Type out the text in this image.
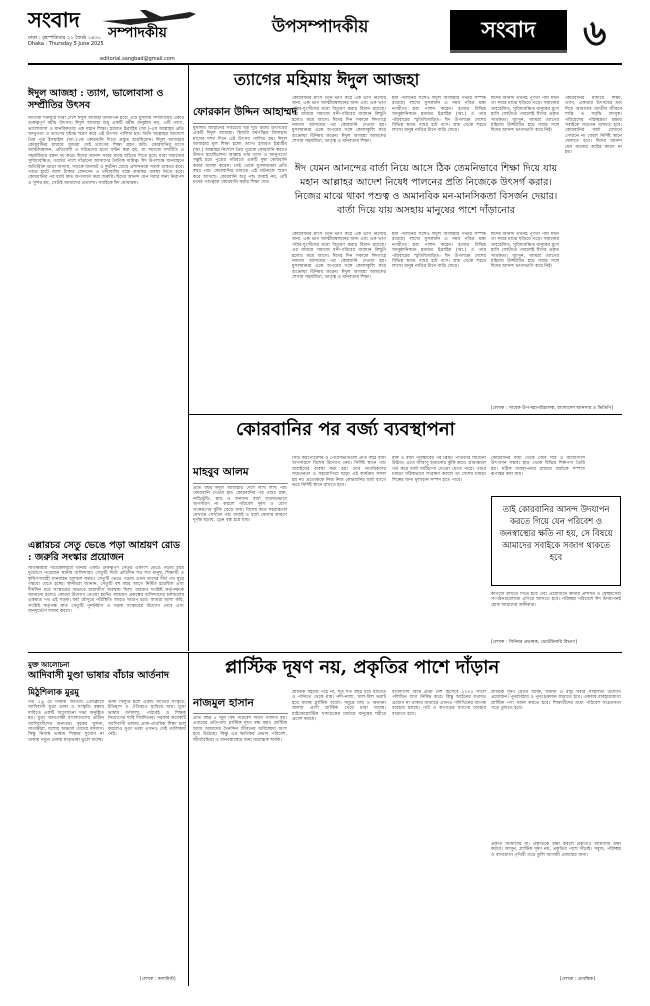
সংবাদ
সম্পাদকীয়
ঢাকা : বৃহস্পতিবার ২২ জ্যৈষ্ঠ ১৪৩০
Dhaka : Thursday 5 June 2025
editorial.sangbad@gmail.com
উপসম্পাদকীয়	সংবাদ	৬
ঈদুল আজহা : ত্যাগ, ভালোবাসা ও সম্প্রীতির উৎসব
আগামী শনিবার সারা দেশে ঈদুল আজহা উদযাপন হবে। এটি মুসলিম সম্প্রদায়ের একটি গুরুত্বপূর্ণ ধর্মীয় উৎসব। ঈদুল আজহা শুধু একটি ধর্মীয় অনুষ্ঠান নয়, এটি ত্যাগ, ভালোবাসা ও মানবিকতার এক মহান শিক্ষা। হজরত ইব্রাহিম (আ.)-এর আল্লাহর প্রতি আনুগত্য ও ত্যাগের দৃষ্টান্ত স্মরণ করে এই উৎসব পালিত হয়। তিনি আল্লাহর আদেশে প্রিয় পুত্র ইসমাইল (আ.)-কে কোরবানি দিতে প্রস্তুত হয়েছিলেন। ঈদুল আজহার কোরবানির মাধ্যমে আমরা সেই ত্যাগের শিক্ষা গ্রহণ করি। কোরবানির মাংস আত্মীয়স্বজন, প্রতিবেশী ও দরিদ্রদের মধ্যে বণ্টন করা হয়, যা সমাজে সম্প্রীতি ও সহমর্মিতার বন্ধন দৃঢ় করে। ঈদের আনন্দ সবার মাঝে ছড়িয়ে দিতে হবে। যারা সমাজের সুবিধাবঞ্চিত, তাদের পাশে দাঁড়ানো আমাদের নৈতিক দায়িত্ব। ঈদ উপলক্ষে যানবাহনে অতিরিক্ত ভাড়া আদায়, সড়কে যানজট ও দুর্ঘটনা রোধে প্রশাসনকে সতর্ক থাকতে হবে। পশুর হাটে জাল টাকার লেনদেন ও চাঁদাবাজি বন্ধে কার্যকর ব্যবস্থা নিতে হবে। কোরবানির পর বর্জ্য দ্রুত অপসারণ করা জরুরি। ঈদের আনন্দ যেন সবার জন্য নিরাপদ ও সুন্দর হয়, সেটাই আমাদের প্রত্যাশা। সবাইকে ঈদ মোবারক।
এল্লারচর সেতু ভেঙে পড়া আশ্রয়ণ রোড : জরুরি সংস্কার প্রয়োজন
সাতক্ষীরার পাটকেলঘাটা থানার একটি গুরুত্বপূর্ণ সেতুর একাংশ ভেঙে পড়ায় চরম দুর্ভোগে পড়েছেন স্থানীয় বাসিন্দারা। সেতুটি দিয়ে প্রতিদিন শত শত মানুষ, শিক্ষার্থী ও কৃষিপণ্যবাহী যানবাহন চলাচল করত। সেতুটি ভেঙে পড়ায় এখন তাদের দীর্ঘ পথ ঘুরে গন্তব্যে যেতে হচ্ছে। স্থানীয়রা জানান, সেতুটি বহু বছর আগে নির্মিত হয়েছিল এবং দীর্ঘদিন ধরে সংস্কারের অভাবে জরাজীর্ণ অবস্থায় ছিল। বারবার সংশ্লিষ্ট কর্তৃপক্ষকে জানানো হলেও কোনো উদ্যোগ নেওয়া হয়নি। আশ্রয়ণ প্রকল্পের বাসিন্দাদের চলাচলের একমাত্র পথ এই সড়ক। বর্ষা মৌসুমে পরিস্থিতি আরও খারাপ হবে। আমরা আশা করি, সংশ্লিষ্ট কর্তৃপক্ষ দ্রুত সেতুটি পুনর্নির্মাণ ও সড়ক সংস্কারের উদ্যোগ নেবে এবং জনদুর্ভোগ লাঘব করবে।
ত্যাগের মহিমায় ঈদুল আজহা
ফোরকান উদ্দিন আহাম্মদ
মুসলিম জাহানের সবচেয়ে বড় দুটি ধর্মীয় উৎসবের একটি ঈদুল আজহা। হিজরি বর্ষপঞ্জির জিলহজ মাসের দশম দিনে এই উৎসব পালিত হয়। ঈদুল আজহার মূল শিক্ষা হলো ত্যাগ। হজরত ইব্রাহিম (আ.) আল্লাহর নির্দেশে প্রিয় পুত্রকে কোরবানি করতে উদ্যত হয়েছিলেন। আল্লাহ তার ত্যাগ ও আনুগত্যে সন্তুষ্ট হয়ে পুত্রের পরিবর্তে একটি দুম্বা কোরবানি করার ব্যবস্থা করেন। সেই থেকে মুসলমানরা প্রতি বছর পশু কোরবানির মাধ্যমে এই ঘটনাকে স্মরণ করে আসছে। কোরবানি শুধু পশু জবাই নয়, এটি মনের পশুত্বকে কোরবানি করার শিক্ষা দেয়।
কোরবানির মাংস তিন ভাগ করে এক ভাগ নিজের জন্য, এক ভাগ আত্মীয়স্বজনের জন্য এবং এক ভাগ গরিব-দুঃখীদের মধ্যে বিতরণ করার বিধান রয়েছে। এর মাধ্যমে সমাজে ধনী-গরিবের ব্যবধান কিছুটা হলেও কমে আসে। ঈদের দিন সকালে ঈদগাহে নামাজ আদায়ের পর কোরবানি দেওয়া হয়। মুসলমানরা একে অপরের সঙ্গে কোলাকুলি করে শুভেচ্ছা বিনিময় করেন। ঈদুল আজহা আমাদের শেখায় সহমর্মিতা, ভ্রাতৃত্ব ও মানবতার শিক্ষা।
হজ পালনের সঙ্গেও ঈদুল আজহার গভীর সম্পর্ক রয়েছে। লাখো মুসলমান এ সময় পবিত্র মক্কা নগরীতে হজ পালন করেন। হজের বিভিন্ন আনুষ্ঠানিকতা হজরত ইব্রাহিম (আ.) ও তার পরিবারের স্মৃতিবিজড়িত। ঈদ উপলক্ষে দেশের বিভিন্ন স্থানে পশুর হাট বসে। গ্রাম থেকে শহরে লাখো মানুষ নাড়ির টানে বাড়ি ফেরে।
ঈদের আনন্দ তখনই পূর্ণতা পায় যখন তা সবার মাঝে ছড়িয়ে পড়ে। সমাজের অবহেলিত, সুবিধাবঞ্চিত মানুষের মুখে হাসি ফোটাতে পারলেই ঈদের প্রকৃত সার্থকতা। আসুন, আমরা ত্যাগের মহিমায় উজ্জীবিত হয়ে সবার সঙ্গে ঈদের আনন্দ ভাগাভাগি করে নিই।
কোরবানির মাধ্যমে শিক্ষা, ত্যাগ, একতার উৎসবের মধ্য দিয়ে আমাদের জাতীয় জীবনে শান্তি ও সমৃদ্ধি আসুক। পরিবেশের পরিচ্ছন্নতা রক্ষায় সবাইকে সচেতন থাকতে হবে। কোরবানির বর্জ্য যেখানে সেখানে না ফেলে নির্দিষ্ট স্থানে ফেলতে হবে। ঈদের আনন্দ যেন অন্যের কষ্টের কারণ না হয়।
ঈদ যেমন আনন্দের বার্তা নিয়ে আসে ঠিক তেমনিভাবে শিক্ষা দিয়ে যায় মহান আল্লাহর আদেশ নিষেধ পালনের প্রতি নিজেকে উৎসর্গ করার। নিজের মাঝে থাকা পশুত্ব ও অমানবিক মন-মানসিকতা বিসর্জন দেয়ার। বার্তা দিয়ে যায় অসহায় মানুষের পাশে দাঁড়ানোর
কোরবানির মাংস তিন ভাগ করে এক ভাগ নিজের জন্য, এক ভাগ আত্মীয়স্বজনের জন্য এবং এক ভাগ গরিব-দুঃখীদের মধ্যে বিতরণ করার বিধান রয়েছে। এর মাধ্যমে সমাজে ধনী-গরিবের ব্যবধান কিছুটা হলেও কমে আসে। ঈদের দিন সকালে ঈদগাহে নামাজ আদায়ের পর কোরবানি দেওয়া হয়। মুসলমানরা একে অপরের সঙ্গে কোলাকুলি করে শুভেচ্ছা বিনিময় করেন। ঈদুল আজহা আমাদের শেখায় সহমর্মিতা, ভ্রাতৃত্ব ও মানবতার শিক্ষা।
হজ পালনের সঙ্গেও ঈদুল আজহার গভীর সম্পর্ক রয়েছে। লাখো মুসলমান এ সময় পবিত্র মক্কা নগরীতে হজ পালন করেন। হজের বিভিন্ন আনুষ্ঠানিকতা হজরত ইব্রাহিম (আ.) ও তার পরিবারের স্মৃতিবিজড়িত। ঈদ উপলক্ষে দেশের বিভিন্ন স্থানে পশুর হাট বসে। গ্রাম থেকে শহরে লাখো মানুষ নাড়ির টানে বাড়ি ফেরে।
ঈদের আনন্দ তখনই পূর্ণতা পায় যখন তা সবার মাঝে ছড়িয়ে পড়ে। সমাজের অবহেলিত, সুবিধাবঞ্চিত মানুষের মুখে হাসি ফোটাতে পারলেই ঈদের প্রকৃত সার্থকতা। আসুন, আমরা ত্যাগের মহিমায় উজ্জীবিত হয়ে সবার সঙ্গে ঈদের আনন্দ ভাগাভাগি করে নিই।
[লেখক : সাবেক উপ-মহাপরিচালক, বাংলাদেশ আনসার ও ভিডিপি]
কোরবানির পর বর্জ্য ব্যবস্থাপনা
মাহবুব আলম
প্রতি বছর ঈদুল আজহায় দেশে লাখ লাখ পশু কোরবানি দেওয়া হয়। কোরবানির পর পশুর রক্ত, নাড়িভুঁড়ি, হাড় ও অন্যান্য বর্জ্য যথাযথভাবে অপসারণ না করলে পরিবেশ দূষণ ও রোগ সংক্রমণের ঝুঁকি বেড়ে যায়। বিশেষ করে শহরাঞ্চলে যেখানে সেখানে পশু জবাই ও বর্জ্য ফেলার কারণে দুর্গন্ধ ছড়ায়, ড্রেন বন্ধ হয়ে যায়।
সিটি করপোরেশন ও পৌরসভাগুলো প্রতি বছর বর্জ্য অপসারণে বিশেষ উদ্যোগ নেয়। নির্দিষ্ট স্থানে পশু জবাইয়ের ব্যবস্থা করা হয়। তবে নাগরিকদের সচেতনতা ও সহযোগিতা ছাড়া এই কার্যক্রম সফল হয় না। প্রত্যেককে নিজ নিজ কোরবানির বর্জ্য ব্যাগে ভরে নির্দিষ্ট স্থানে রাখতে হবে।
রক্ত ও বর্জ্য পরিষ্কারের পর ব্লিচিং পাউডার ছিটানো উচিত। এতে জীবাণু ছড়ানোর ঝুঁকি কমে। গ্রামাঞ্চলে গর্ত করে বর্জ্য মাটিচাপা দেওয়া যেতে পারে। পশুর চামড়া সঠিকভাবে সংরক্ষণ করলে তা দেশের চামড়া শিল্পের জন্য মূল্যবান সম্পদ হতে পারে।
কোরবানির বর্জ্য থেকে জৈব সার ও বায়োগ্যাস উৎপাদন সম্ভব। হাড় থেকে বিভিন্ন শিল্পপণ্য তৈরি হয়। সঠিক ব্যবস্থাপনার মাধ্যমে বর্জ্যকে সম্পদে রূপান্তর করা যায়।
তাই কোরবানির আনন্দ উদযাপন করতে গিয়ে যেন পরিবেশ ও জনস্বাস্থ্যের ক্ষতি না হয়, সে বিষয়ে আমাদের সবাইকে সজাগ থাকতে হবে
কাগজে রাখতে দিতে হবে এবং প্রয়োজনে স্থানীয় প্রশাসন ও স্বেচ্ছাসেবী সংগঠনগুলোকে এগিয়ে আসতে হবে। পরিচ্ছন্ন পরিবেশে ঈদ উদযাপনই হোক আমাদের অঙ্গীকার।
[লেখক : সিনিয়র প্রভাষক, ভেটেরিনারি বিভাগ]
মুক্ত আলোচনা
আদিবাসী মুণ্ডা ভাষার বাঁচার আর্তনাদ
মিঠুশিলাক মুরমু
গত ২৬ মে ঢাকায় জাতীয় প্রেসক্লাবে আদিবাসী মুণ্ডা ভাষা ও সংস্কৃতি রক্ষার দাবিতে একটি আলোচনা সভা অনুষ্ঠিত হয়। মুণ্ডা জনগোষ্ঠী বাংলাদেশের প্রাচীন আদিবাসীদের অন্যতম। বৃহত্তর খুলনা, সাতক্ষীরা, যশোর অঞ্চলে তাদের বসবাস। কিন্তু নিজস্ব ভাষায় শিক্ষার সুযোগ না থাকায় নতুন প্রজন্ম মাতৃভাষা ভুলে যাচ্ছে।
ভাষা বিলুপ্ত হলে একটি জাতির সংস্কৃতি, ইতিহাস ও ঐতিহ্যও হারিয়ে যায়। মুণ্ডা ভাষায় বর্ণমালা, পাঠ্যবই ও শিক্ষক নিয়োগের দাবি দীর্ঘদিনের। সরকার কয়েকটি আদিবাসী ভাষায় প্রাক-প্রাথমিক শিক্ষা চালু করলেও মুণ্ডা ভাষা এখনও সেই তালিকায় নেই।
[লেখক : কলামিস্ট]
প্লাস্টিক দূষণ নয়, প্রকৃতির পাশে দাঁড়ান
নাজমুল হাসান
প্রতি বছর ৫ জুন বিশ্ব পরিবেশ দিবস পালিত হয়। এবারের প্রতিপাদ্য প্লাস্টিক দূষণ বন্ধ করা। প্লাস্টিক আজ আমাদের দৈনন্দিন জীবনের অবিচ্ছেদ্য অংশ হয়ে উঠেছে। কিন্তু এর ক্ষতিকর প্রভাব পরিবেশ, জীববৈচিত্র্য ও মানবস্বাস্থ্যের জন্য মারাত্মক হুমকি।
প্লাস্টিক সহজে পচে না, শত শত বছর ধরে মাটিতে ও পানিতে থেকে যায়। নদী-নালা, খাল-বিল ভরাট হয়ে যাচ্ছে প্লাস্টিক বর্জ্যে। সমুদ্রে মাছ ও অন্যান্য জলজ প্রাণী প্লাস্টিক খেয়ে মারা যাচ্ছে। মাইক্রোপ্লাস্টিক খাদ্যচক্রের মাধ্যমে মানুষের শরীরে প্রবেশ করছে।
বাংলাদেশ বিশ্বে প্রথম দেশ হিসেবে ২০০২ সালে পলিথিন ব্যাগ নিষিদ্ধ করে। কিন্তু আইনের যথাযথ প্রয়োগ না থাকায় বাজারে এখনও পলিথিনের ব্যাপক ব্যবহার চলছে। পাট ও কাপড়ের ব্যাগের ব্যবহার বাড়াতে হবে।
প্লাস্টিক দূষণ রোধে ব্যক্তি, সমাজ ও রাষ্ট্র সবার সম্মিলিত উদ্যোগ প্রয়োজন। পুনর্ব্যবহার ও পুনঃচক্রায়ন বাড়াতে হবে। একবার ব্যবহারযোগ্য প্লাস্টিক পণ্য বর্জন করতে হবে। শিক্ষার্থীদের মধ্যে পরিবেশ সচেতনতা গড়ে তুলতে হবে।
প্রকৃতি আমাদের মা। প্রকৃতিকে রক্ষা করলে প্রকৃতিও আমাদের রক্ষা করবে। আসুন, প্লাস্টিক দূষণ নয়, প্রকৃতির পাশে দাঁড়াই। সবুজ, পরিচ্ছন্ন ও বাসযোগ্য পৃথিবী গড়ে তুলি আগামী প্রজন্মের জন্য।
[লেখক : প্রাবন্ধিক]
